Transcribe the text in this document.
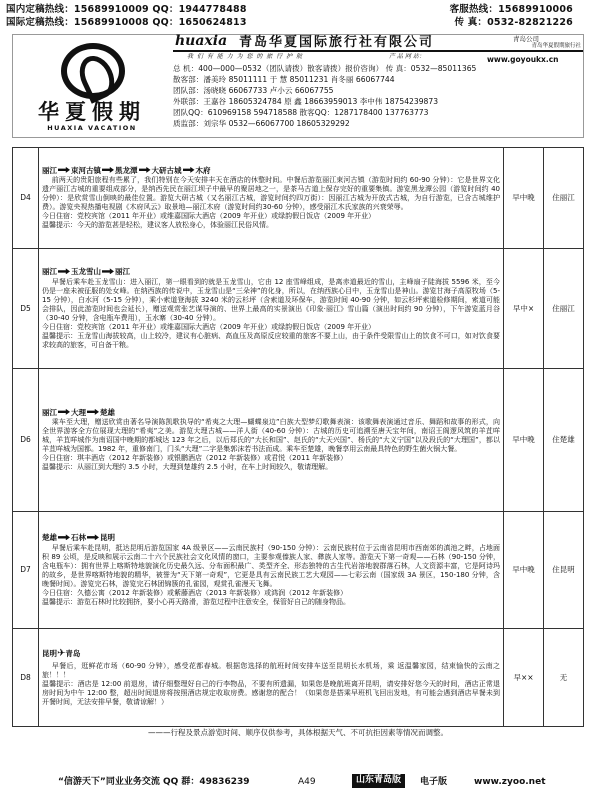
国内定稿热线：15689910009 QQ：1944778488
国际定稿热线：15689910008 QQ：1650624813
客服热线：15689910006
传 真：0532-82821226
华夏假期
HUAXIA VACATION
huaxia 青岛华夏国际旅行社有限公司	青岛公司
青岛华夏假期旅行社
我 们 有 能 力 为 您 的 旅 行 护 航	产 品 网 站：	www.goyoukx.cn
总 机：400—000—0532（团队请拨）散客请拨）报价咨询） 传 真：0532—85011365
散客部：潘美玲 85011111 于 慧 85011231 肖冬丽 66067744
团队部：汤晓晓 66067733 卢小云 66067755
外联部：王嘉谷 18605324784 原 鑫 18663959013 李中伟 18754239873
团队QQ：610969158 594718588 散客QQ：1287178400 137763773
质监部：刘宗华 0532—66067700 18605329292
D4	丽江 束河古镇 黑龙潭 大研古城 木府
前两天的贵阳旅程有些累了，我们特别在今天安排丰天在酒店的休整时间。中餐后游览丽江束河古镇（游览时间约 60-90 分钟）：它是世界文化遗产丽江古城的重要组成部分，是纳西先民在丽江坝子中最早的聚居地之一，是茶马古道上保存完好的重要集镇。游览黑龙潭公园（游览时间约 40 分钟）：是欣赏雪山倒映的最佳位置。游览大研古城（又名丽江古城，游览时间约四万街）：因丽江古城为开放式古城，为自行游览，已含古城维护费）。游览央视热播电视剧《木府风云》取景地—丽江木府（游览时间约30-60 分钟），感受丽江木氏家族的兴衰荣辱。
今日住宿：党校宾馆（2011 年开业）或维嘉国际大酒店（2009 年开业）或绿韵假日饭店（2009 年开业）
温馨提示：今天的游览甚是轻松，建议客人放松身心，体验丽江民俗风情。	早中晚	住丽江
D5	丽江 玉龙雪山 丽江
早餐后乘车赴玉龙雪山：进入丽江，第一眼看到的就是玉龙雪山，它由 12 座雪峰组成，是离赤道最近的雪山，主峰扇子陡海拔 5596 米，至今仍是一座未被征服的处女峰。在纳西族的传说中，玉龙雪山是“三朵神”的化身，所以，在纳西族心目中，玉龙雪山是神山。游览甘海子高原牧场（5-15 分钟），白水河（5-15 分钟），乘小索道登海拔 3240 米的云杉坪（含索道及环保车，游览时间 40-90 分钟，如云杉坪索道检修期间，索道可能会排队，因此游览时间也会延长），赠送观赏张艺谋导演的、世界上最高的实景演出《印象·丽江》雪山篇（演出时间约 90 分钟），下午游览蓝月谷（30-40 分钟，含电瓶车费用），玉水寨（30-40 分钟）。
今日住宿：党校宾馆（2011 年开业）或维嘉国际大酒店（2009 年开业）或绿韵假日饭店（2009 年开业）
温馨提示：玉龙雪山海拔较高，山上较冷，建议有心脏病、高血压及高原反应较重的旅客不要上山，由于条件受限雪山上的饮食不可口，如对饮食要求较高的旅客，可自备干粮。	早中×	住丽江
D6	丽江 大理 楚雄
乘车至大理，赠送欣赏由著名导演陈凯歌执导的“希夷之大理—蝴蝶泉边”白族大型梦幻歌舞表演：该歌舞表演通过音乐、舞蹈和故事的形式，向全世界游客全方位展现大理的“希夷”之美。游览大理古城——洋人街（40-60 分钟）：古城的历史可追溯至唐天宝年间，南诏王阁逻风筑的羊苴咩城，羊苴咩城作为南诏国中晚期的都城达 123 年之后，以后郑氏的“大长和国”、赵氏的“大天兴国”、杨氏的“大义宁国”以及段氏的“大理国”，都以羊苴咩城为国都。1982 年，重修南门，门头“大理”二字是集郭沫若书法而成。乘车至楚雄，晚餐享用云南最具特色的野生菌火锅大餐。
今日住宿：琪丰酒店（2012 年新装修）或银鹏酒店（2012 年新装修）或君悦（2011 年新装修）
温馨提示：从丽江到大理约 3.5 小时，大理到楚雄约 2.5 小时，在车上时间较久，敬请理解。	早中晚	住楚雄
D7	楚雄 石林 昆明
早餐后乘车赴昆明，抵达昆明后游览国家 4A 级景区——云南民族村（90-150 分钟）：云南民族村位于云南省昆明市西南郊的滇池之畔，占地面积 89 公顷，是反映和展示云南二十六个民族社会文化风情的窗口，主要参观傣族人家、彝族人家等。游览天下第一奇观——石林（90-150 分钟，含电瓶车）：拥有世界上喀斯特地貌演化历史最久远、分布面积最广、类型齐全、形态独特的古生代岩溶地貌群落石林，人文资源丰富，它是阿诗玛的故乡，是世界喀斯特地貌的精华，被誉为“天下第一奇观”，它更是具有云南民族工艺大观园——七彩云南（国家级 3A 景区，150-180 分钟，含晚餐时间）。游览完石林，游览完石林团锦簇的孔雀园，观赏孔雀漫天飞舞。
今日住宿：久德公寓（2012 年新装修）或紫藤酒店（2013 年新装修）或鸿润（2012 年新装修）
温馨提示：游览石林时比较拥挤，要小心再天路滑，游览过程中注意安全，保管好自己的随身物品。	早中晚	住昆明
D8	昆明✈青岛
早餐后，逛鲜花市场（60-90 分钟），感受花都春城。根据您选择的航班时间安排车送至昆明长水机场，乘 返温馨家园，结束愉快的云南之旅！！！
温馨提示：酒店是 12:00 前退房，请仔细整理好自己的行李物品，不要有所遗漏，如果您是晚航班离开昆明，请安排好您今天的时间，酒店正常退房时间为中午 12:00 整，超出时间退房将按照酒店规定收取房费。感谢您的配合！（如果您是搭乘早班机飞回出发地，有可能会遇到酒店早餐未到开餐时间，无法安排早餐，敬请谅解！）	早××	无
———行程及景点游览时间、顺序仅供参考，具体根据天气、不可抗拒因素等情况而调整。
“信游天下”同业业务交流 QQ 群：49836239	A49	山东青岛版	电子版	www.zyoo.net
